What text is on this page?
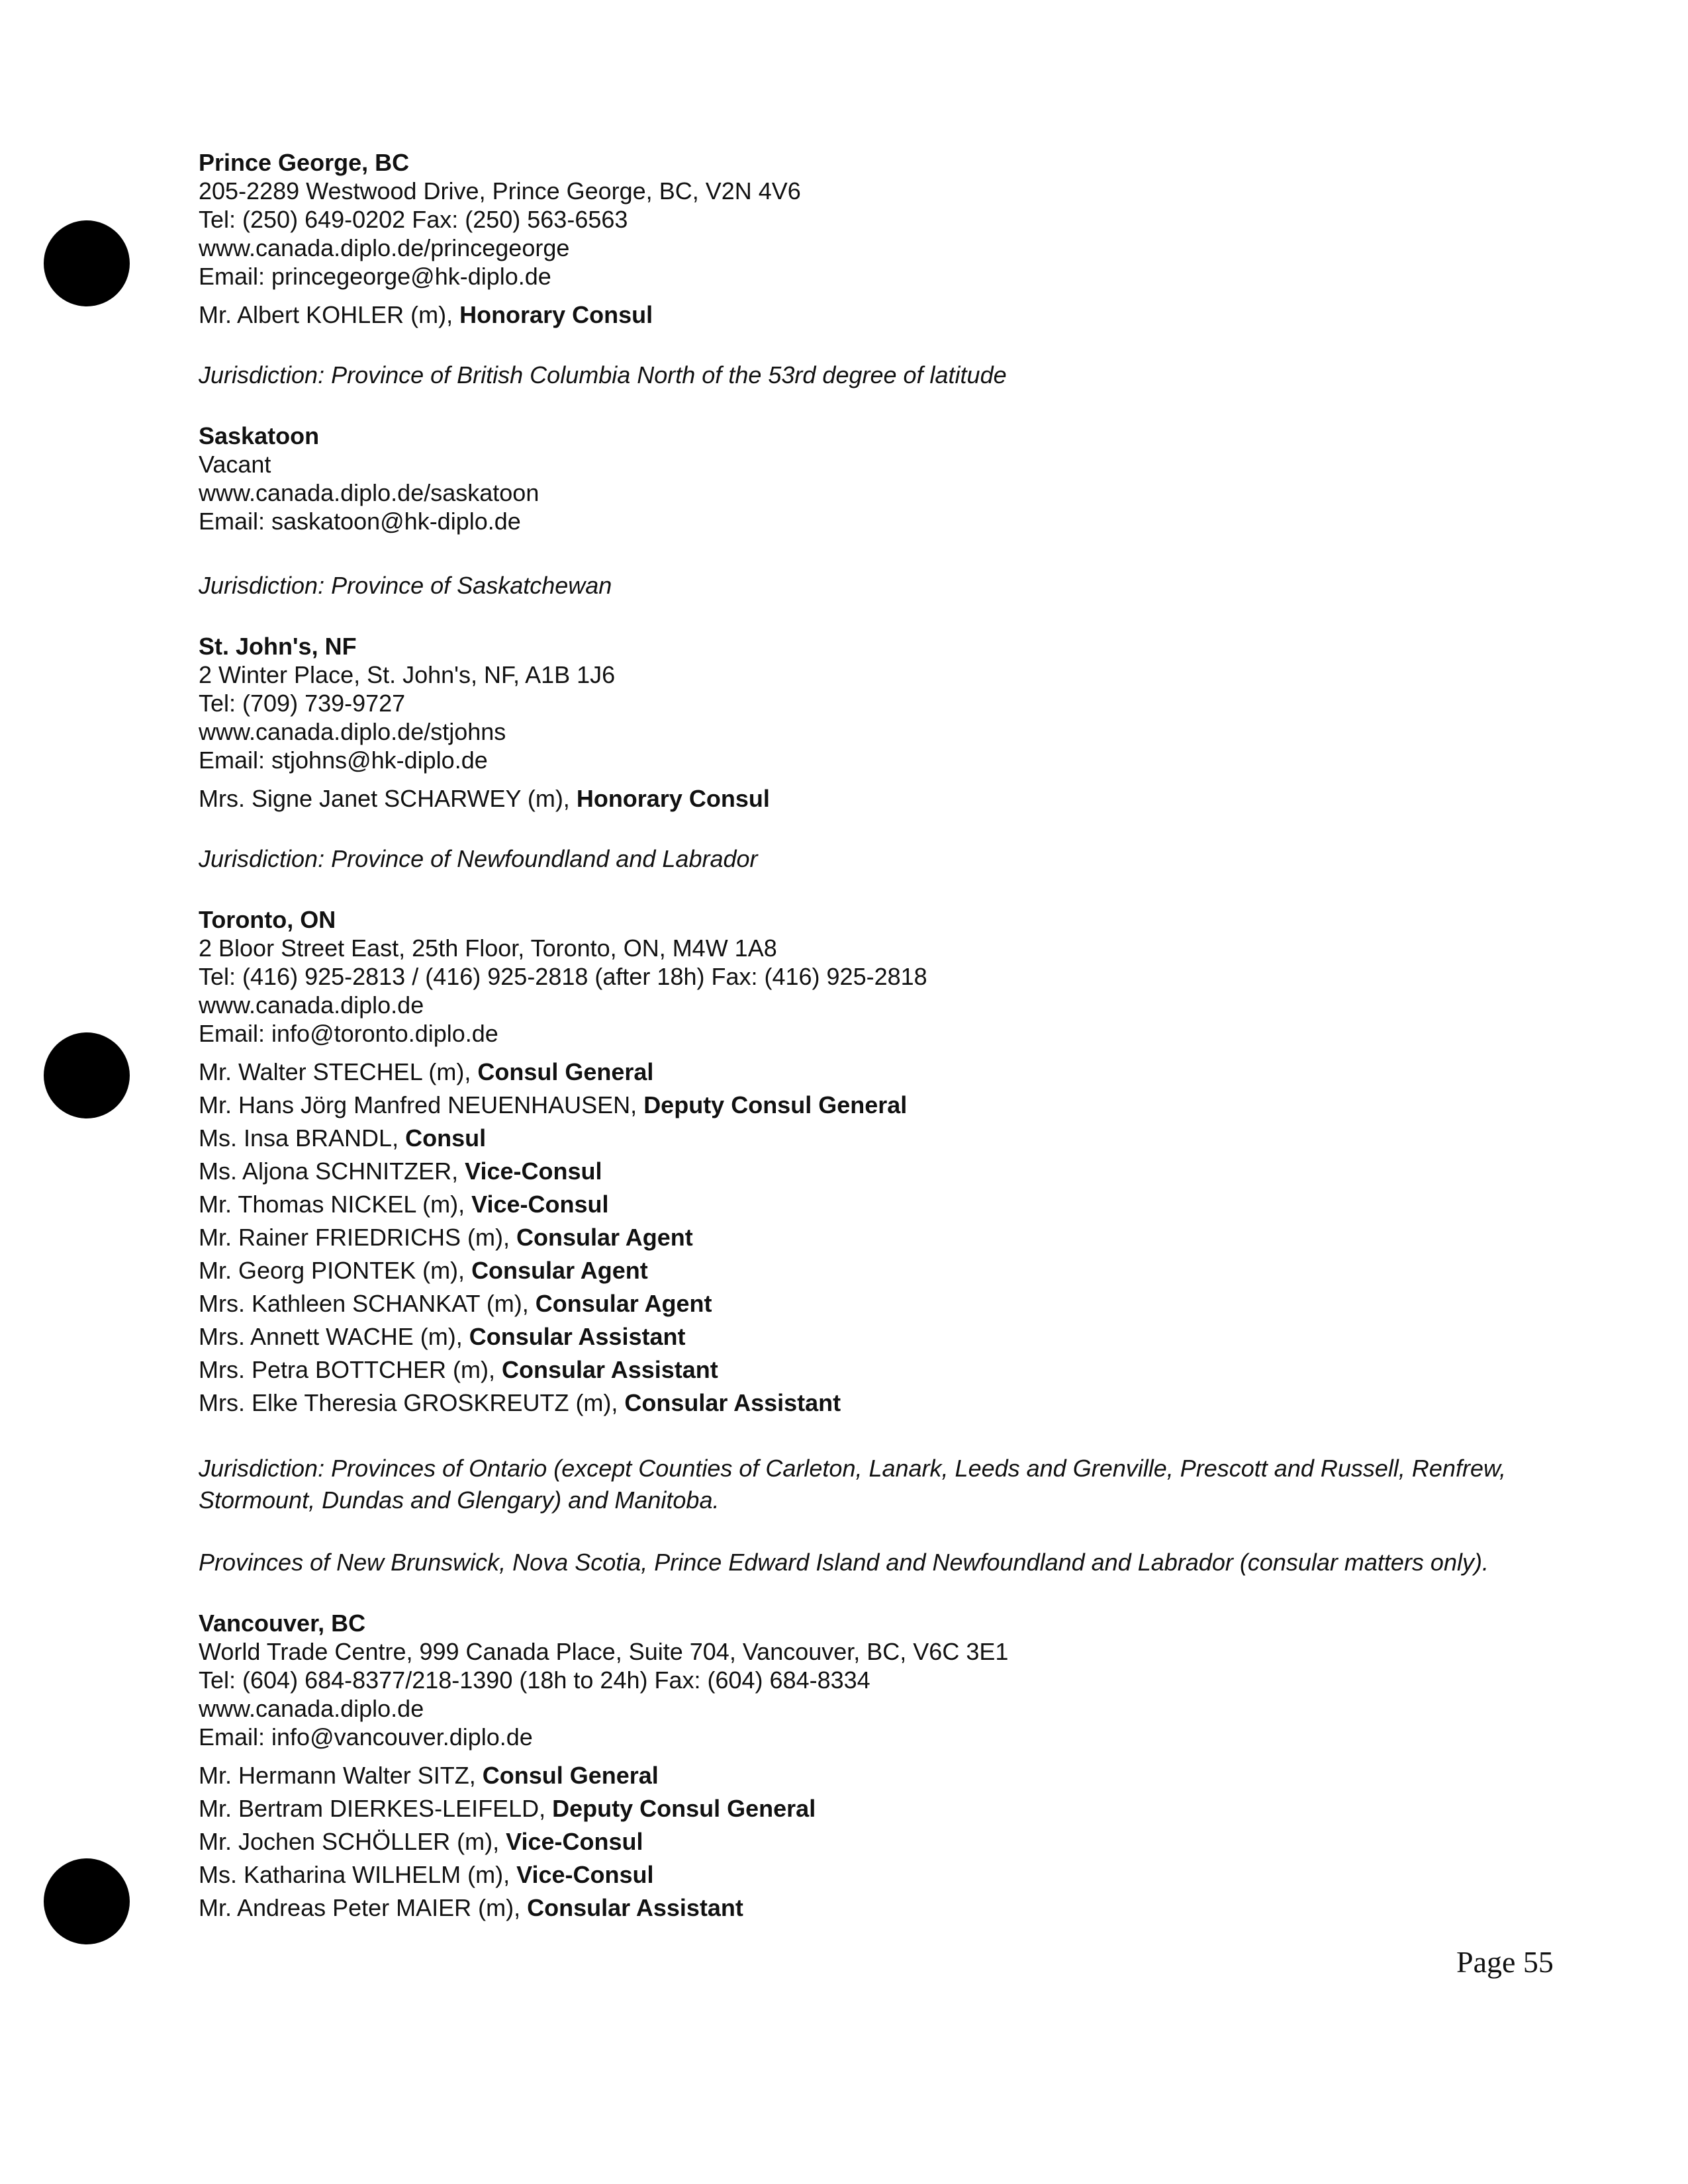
Prince George, BC
205-2289 Westwood Drive, Prince George, BC, V2N 4V6
Tel: (250) 649-0202 Fax: (250) 563-6563
www.canada.diplo.de/princegeorge
Email: princegeorge@hk-diplo.de
Mr. Albert KOHLER (m), Honorary Consul
Jurisdiction: Province of British Columbia North of the 53rd degree of latitude
Saskatoon
Vacant
www.canada.diplo.de/saskatoon
Email: saskatoon@hk-diplo.de
Jurisdiction: Province of Saskatchewan
St. John's, NF
2 Winter Place, St. John's, NF, A1B 1J6
Tel: (709) 739-9727
www.canada.diplo.de/stjohns
Email: stjohns@hk-diplo.de
Mrs. Signe Janet SCHARWEY (m), Honorary Consul
Jurisdiction: Province of Newfoundland and Labrador
Toronto, ON
2 Bloor Street East, 25th Floor, Toronto, ON, M4W 1A8
Tel: (416) 925-2813 / (416) 925-2818 (after 18h) Fax: (416) 925-2818
www.canada.diplo.de
Email: info@toronto.diplo.de
Mr. Walter STECHEL (m), Consul General
Mr. Hans Jörg Manfred NEUENHAUSEN, Deputy Consul General
Ms. Insa BRANDL, Consul
Ms. Aljona SCHNITZER, Vice-Consul
Mr. Thomas NICKEL (m), Vice-Consul
Mr. Rainer FRIEDRICHS (m), Consular Agent
Mr. Georg PIONTEK (m), Consular Agent
Mrs. Kathleen SCHANKAT (m), Consular Agent
Mrs. Annett WACHE (m), Consular Assistant
Mrs. Petra BOTTCHER (m), Consular Assistant
Mrs. Elke Theresia GROSKREUTZ (m), Consular Assistant
Jurisdiction: Provinces of Ontario (except Counties of Carleton, Lanark, Leeds and Grenville, Prescott and Russell, Renfrew, Stormount, Dundas and Glengary) and Manitoba.
Provinces of New Brunswick, Nova Scotia, Prince Edward Island and Newfoundland and Labrador (consular matters only).
Vancouver, BC
World Trade Centre, 999 Canada Place, Suite 704, Vancouver, BC, V6C 3E1
Tel: (604) 684-8377/218-1390 (18h to 24h) Fax: (604) 684-8334
www.canada.diplo.de
Email: info@vancouver.diplo.de
Mr. Hermann Walter SITZ, Consul General
Mr. Bertram DIERKES-LEIFELD, Deputy Consul General
Mr. Jochen SCHÖLLER (m), Vice-Consul
Ms. Katharina WILHELM (m), Vice-Consul
Mr. Andreas Peter MAIER (m), Consular Assistant
Page 55
